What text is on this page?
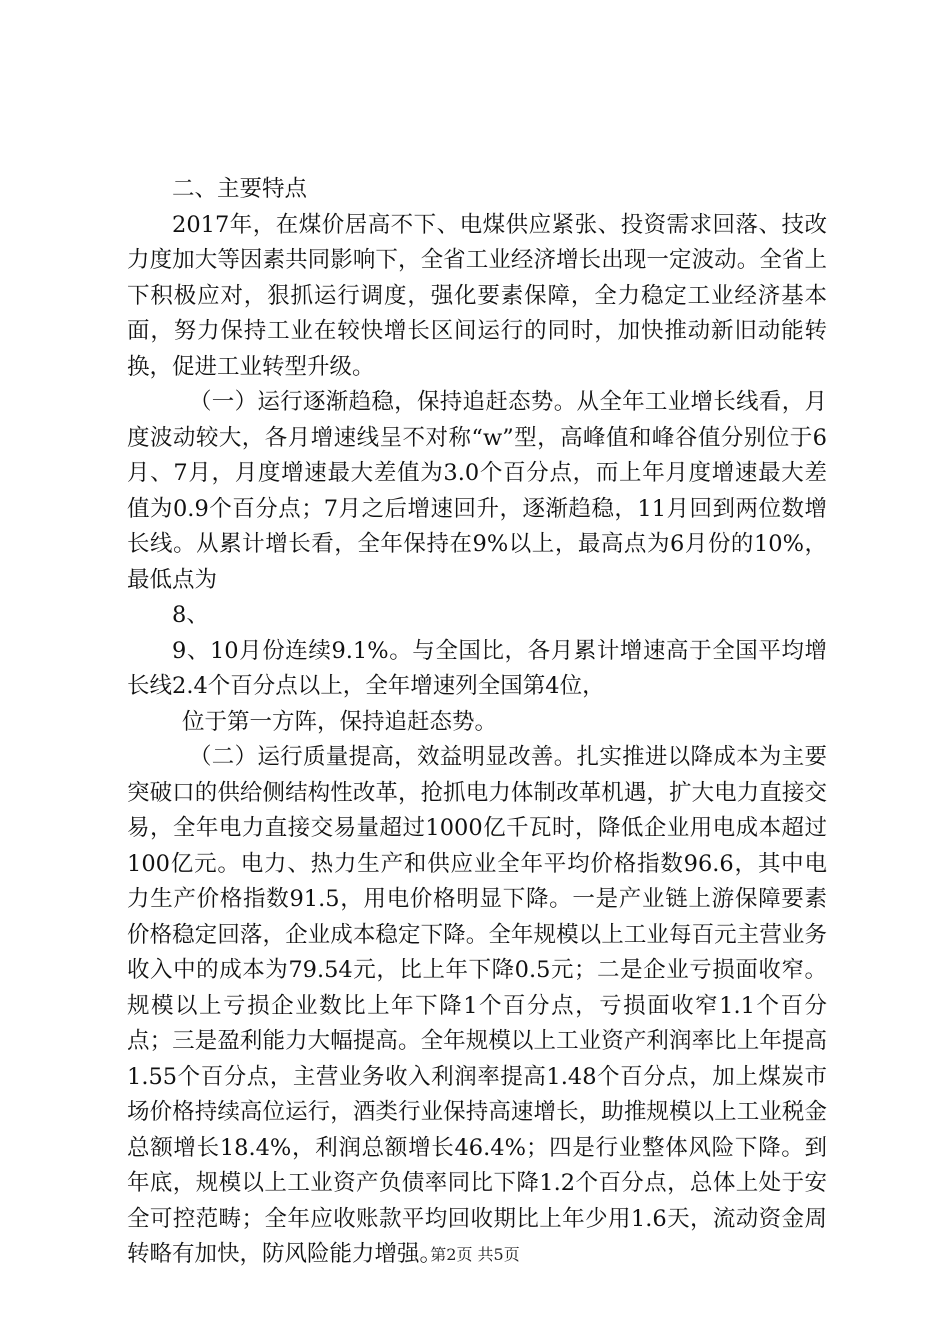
二、主要特点

2017年，在煤价居高不下、电煤供应紧张、投资需求回落、技改力度加大等因素共同影响下，全省工业经济增长出现一定波动。全省上下积极应对，狠抓运行调度，强化要素保障，全力稳定工业经济基本面，努力保持工业在较快增长区间运行的同时，加快推动新旧动能转换，促进工业转型升级。

（一）运行逐渐趋稳，保持追赶态势。从全年工业增长线看，月度波动较大，各月增速线呈不对称“w”型，高峰值和峰谷值分别位于6月、7月，月度增速最大差值为3.0个百分点，而上年月度增速最大差值为0.9个百分点；7月之后增速回升，逐渐趋稳，11月回到两位数增长线。从累计增长看，全年保持在9%以上，最高点为6月份的10%，最低点为

8、

9、10月份连续9.1%。与全国比，各月累计增速高于全国平均增长线2.4个百分点以上，全年增速列全国第4位，

位于第一方阵，保持追赶态势。

（二）运行质量提高，效益明显改善。扎实推进以降成本为主要突破口的供给侧结构性改革，抢抓电力体制改革机遇，扩大电力直接交易，全年电力直接交易量超过1000亿千瓦时，降低企业用电成本超过100亿元。电力、热力生产和供应业全年平均价格指数96.6，其中电力生产价格指数91.5，用电价格明显下降。一是产业链上游保障要素价格稳定回落，企业成本稳定下降。全年规模以上工业每百元主营业务收入中的成本为79.54元，比上年下降0.5元；二是企业亏损面收窄。规模以上亏损企业数比上年下降1个百分点，亏损面收窄1.1个百分点；三是盈利能力大幅提高。全年规模以上工业资产利润率比上年提高1.55个百分点，主营业务收入利润率提高1.48个百分点，加上煤炭市场价格持续高位运行，酒类行业保持高速增长，助推规模以上工业税金总额增长18.4%，利润总额增长46.4%；四是行业整体风险下降。到年底，规模以上工业资产负债率同比下降1.2个百分点，总体上处于安全可控范畴；全年应收账款平均回收期比上年少用1.6天，流动资金周转略有加快，防风险能力增强。

第2页 共5页
